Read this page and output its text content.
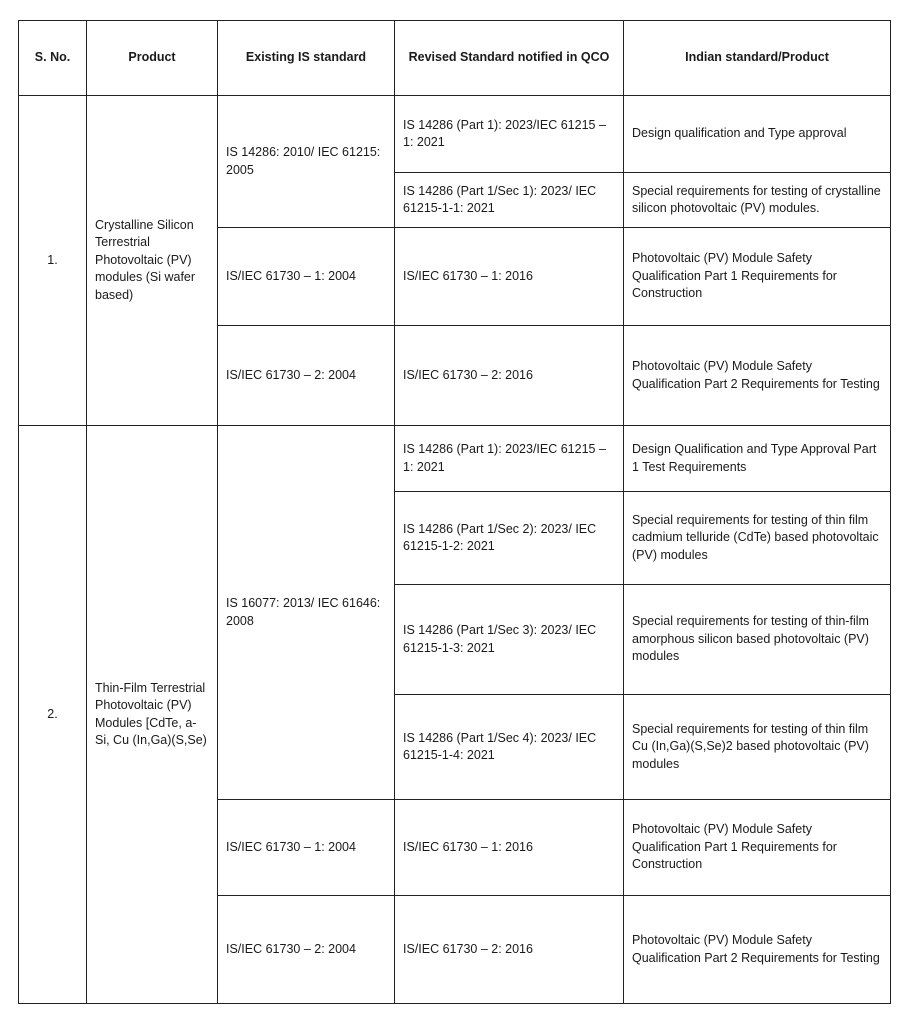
S. No.	Product	Existing IS standard	Revised Standard notified in QCO	Indian standard/Product
1.	Crystalline Silicon Terrestrial Photovoltaic (PV) modules (Si wafer based)	IS 14286: 2010/ IEC 61215: 2005	IS 14286 (Part 1): 2023/IEC 61215 – 1: 2021	Design qualification and Type approval
			IS 14286 (Part 1/Sec 1): 2023/ IEC 61215-1-1: 2021	Special requirements for testing of crystalline silicon photovoltaic (PV) modules.
		IS/IEC 61730 – 1: 2004	IS/IEC 61730 – 1: 2016	Photovoltaic (PV) Module Safety Qualification Part 1 Requirements for Construction
		IS/IEC 61730 – 2: 2004	IS/IEC 61730 – 2: 2016	Photovoltaic (PV) Module Safety Qualification Part 2 Requirements for Testing
2.	Thin-Film Terrestrial Photovoltaic (PV) Modules [CdTe, a-Si, Cu (In,Ga)(S,Se)	IS 16077: 2013/ IEC 61646: 2008	IS 14286 (Part 1): 2023/IEC 61215 – 1: 2021	Design Qualification and Type Approval Part 1 Test Requirements
			IS 14286 (Part 1/Sec 2): 2023/ IEC 61215-1-2: 2021	Special requirements for testing of thin film cadmium telluride (CdTe) based photovoltaic (PV) modules
			IS 14286 (Part 1/Sec 3): 2023/ IEC 61215-1-3: 2021	Special requirements for testing of thin-film amorphous silicon based photovoltaic (PV) modules
			IS 14286 (Part 1/Sec 4): 2023/ IEC 61215-1-4: 2021	Special requirements for testing of thin film Cu (In,Ga)(S,Se)2 based photovoltaic (PV) modules
		IS/IEC 61730 – 1: 2004	IS/IEC 61730 – 1: 2016	Photovoltaic (PV) Module Safety Qualification Part 1 Requirements for Construction
		IS/IEC 61730 – 2: 2004	IS/IEC 61730 – 2: 2016	Photovoltaic (PV) Module Safety Qualification Part 2 Requirements for Testing
